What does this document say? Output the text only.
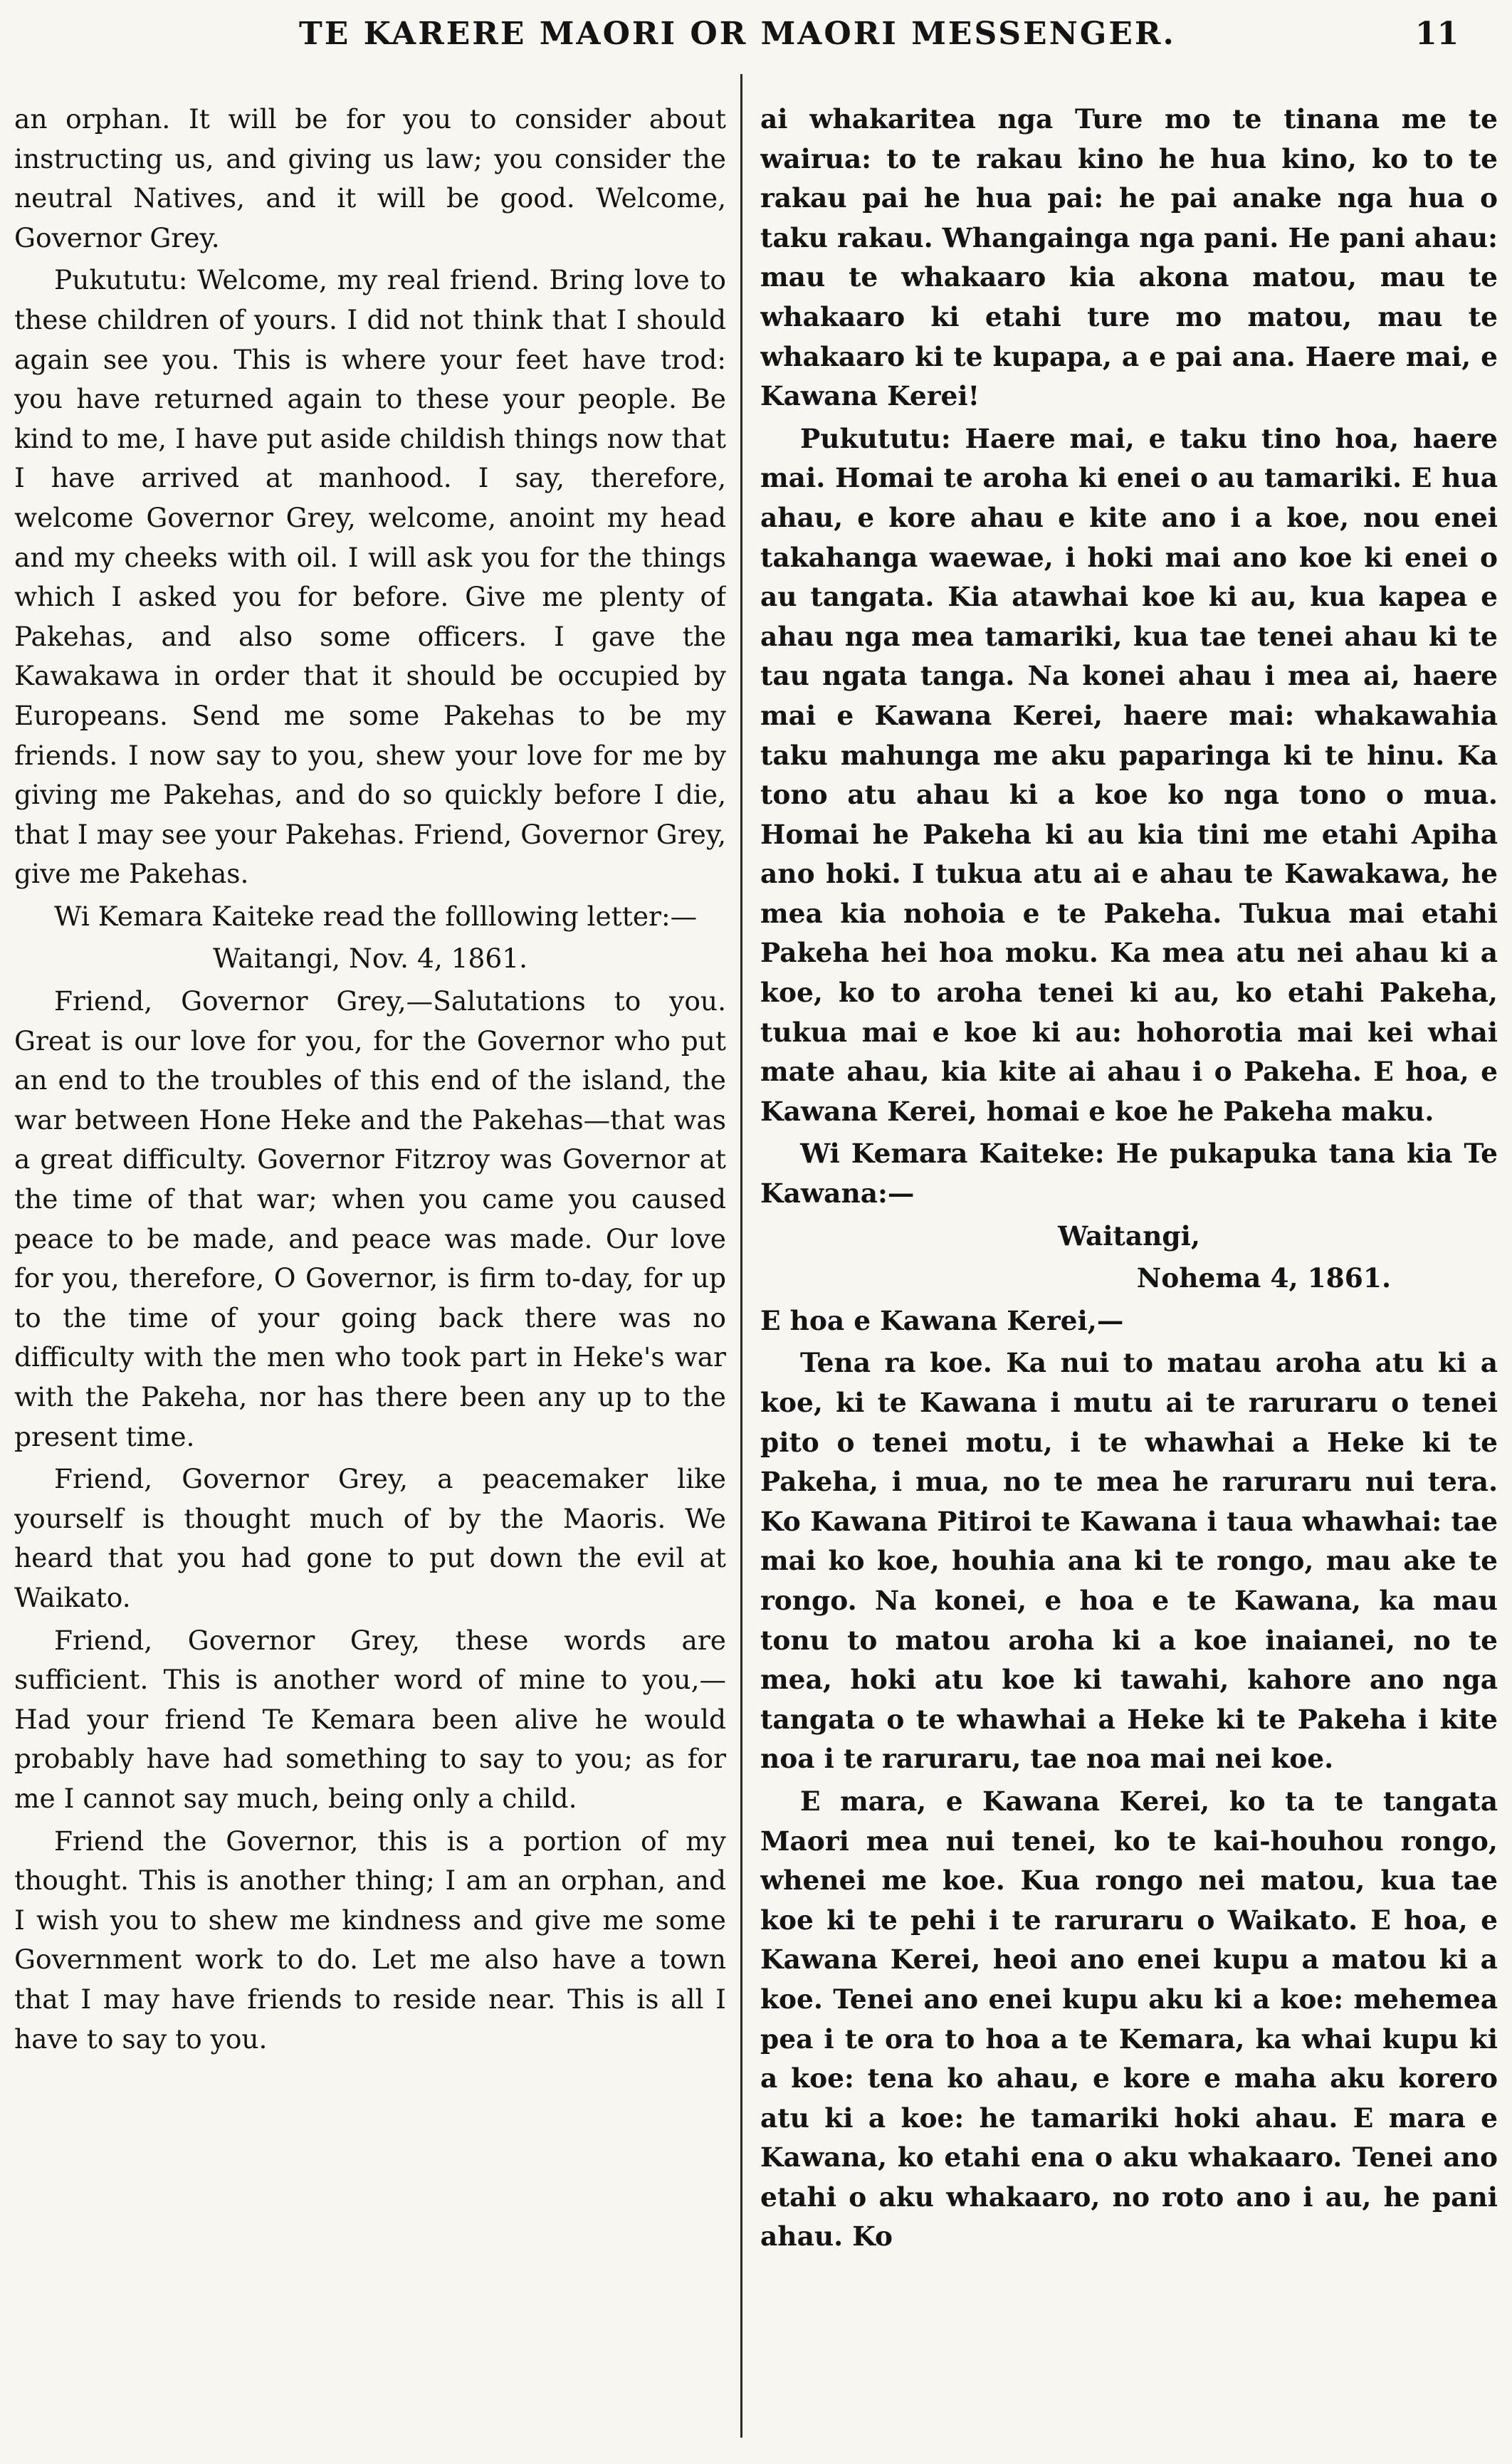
TE KARERE MAORI OR MAORI MESSENGER.	11

an orphan. It will be for you to consider about instructing us, and giving us law; you consider the neutral Natives, and it will be good. Welcome, Governor Grey.

Pukututu: Welcome, my real friend. Bring love to these children of yours. I did not think that I should again see you. This is where your feet have trod: you have returned again to these your people. Be kind to me, I have put aside childish things now that I have arrived at manhood. I say, therefore, welcome Governor Grey, welcome, anoint my head and my cheeks with oil. I will ask you for the things which I asked you for before. Give me plenty of Pakehas, and also some officers. I gave the Kawakawa in order that it should be occupied by Europeans. Send me some Pakehas to be my friends. I now say to you, shew your love for me by giving me Pakehas, and do so quickly before I die, that I may see your Pakehas. Friend, Governor Grey, give me Pakehas.

Wi Kemara Kaiteke read the folllowing letter:—

Waitangi, Nov. 4, 1861.

Friend, Governor Grey,—Salutations to you. Great is our love for you, for the Governor who put an end to the troubles of this end of the island, the war between Hone Heke and the Pakehas—that was a great difficulty. Governor Fitzroy was Governor at the time of that war; when you came you caused peace to be made, and peace was made. Our love for you, therefore, O Governor, is firm to-day, for up to the time of your going back there was no difficulty with the men who took part in Heke's war with the Pakeha, nor has there been any up to the present time.

Friend, Governor Grey, a peacemaker like yourself is thought much of by the Maoris. We heard that you had gone to put down the evil at Waikato.

Friend, Governor Grey, these words are sufficient. This is another word of mine to you,—Had your friend Te Kemara been alive he would probably have had something to say to you; as for me I cannot say much, being only a child.

Friend the Governor, this is a portion of my thought. This is another thing; I am an orphan, and I wish you to shew me kindness and give me some Government work to do. Let me also have a town that I may have friends to reside near. This is all I have to say to you.

ai whakaritea nga Ture mo te tinana me te wairua: to te rakau kino he hua kino, ko to te rakau pai he hua pai: he pai anake nga hua o taku rakau. Whangainga nga pani. He pani ahau: mau te whakaaro kia akona matou, mau te whakaaro ki etahi ture mo matou, mau te whakaaro ki te kupapa, a e pai ana. Haere mai, e Kawana Kerei!

Pukututu: Haere mai, e taku tino hoa, haere mai. Homai te aroha ki enei o au tamariki. E hua ahau, e kore ahau e kite ano i a koe, nou enei takahanga waewae, i hoki mai ano koe ki enei o au tangata. Kia atawhai koe ki au, kua kapea e ahau nga mea tamariki, kua tae tenei ahau ki te tau ngata tanga. Na konei ahau i mea ai, haere mai e Kawana Kerei, haere mai: whakawahia taku mahunga me aku paparinga ki te hinu. Ka tono atu ahau ki a koe ko nga tono o mua. Homai he Pakeha ki au kia tini me etahi Apiha ano hoki. I tukua atu ai e ahau te Kawakawa, he mea kia nohoia e te Pakeha. Tukua mai etahi Pakeha hei hoa moku. Ka mea atu nei ahau ki a koe, ko to aroha tenei ki au, ko etahi Pakeha, tukua mai e koe ki au: hohorotia mai kei whai mate ahau, kia kite ai ahau i o Pakeha. E hoa, e Kawana Kerei, homai e koe he Pakeha maku.

Wi Kemara Kaiteke: He pukapuka tana kia Te Kawana:—

Waitangi,

Nohema 4, 1861.

E hoa e Kawana Kerei,—

Tena ra koe. Ka nui to matau aroha atu ki a koe, ki te Kawana i mutu ai te raruraru o tenei pito o tenei motu, i te whawhai a Heke ki te Pakeha, i mua, no te mea he raruraru nui tera. Ko Kawana Pitiroi te Kawana i taua whawhai: tae mai ko koe, houhia ana ki te rongo, mau ake te rongo. Na konei, e hoa e te Kawana, ka mau tonu to matou aroha ki a koe inaianei, no te mea, hoki atu koe ki tawahi, kahore ano nga tangata o te whawhai a Heke ki te Pakeha i kite noa i te raruraru, tae noa mai nei koe.

E mara, e Kawana Kerei, ko ta te tangata Maori mea nui tenei, ko te kai-houhou rongo, whenei me koe. Kua rongo nei matou, kua tae koe ki te pehi i te raruraru o Waikato. E hoa, e Kawana Kerei, heoi ano enei kupu a matou ki a koe. Tenei ano enei kupu aku ki a koe: mehemea pea i te ora to hoa a te Kemara, ka whai kupu ki a koe: tena ko ahau, e kore e maha aku korero atu ki a koe: he tamariki hoki ahau. E mara e Kawana, ko etahi ena o aku whakaaro. Tenei ano etahi o aku whakaaro, no roto ano i au, he pani ahau. Ko
